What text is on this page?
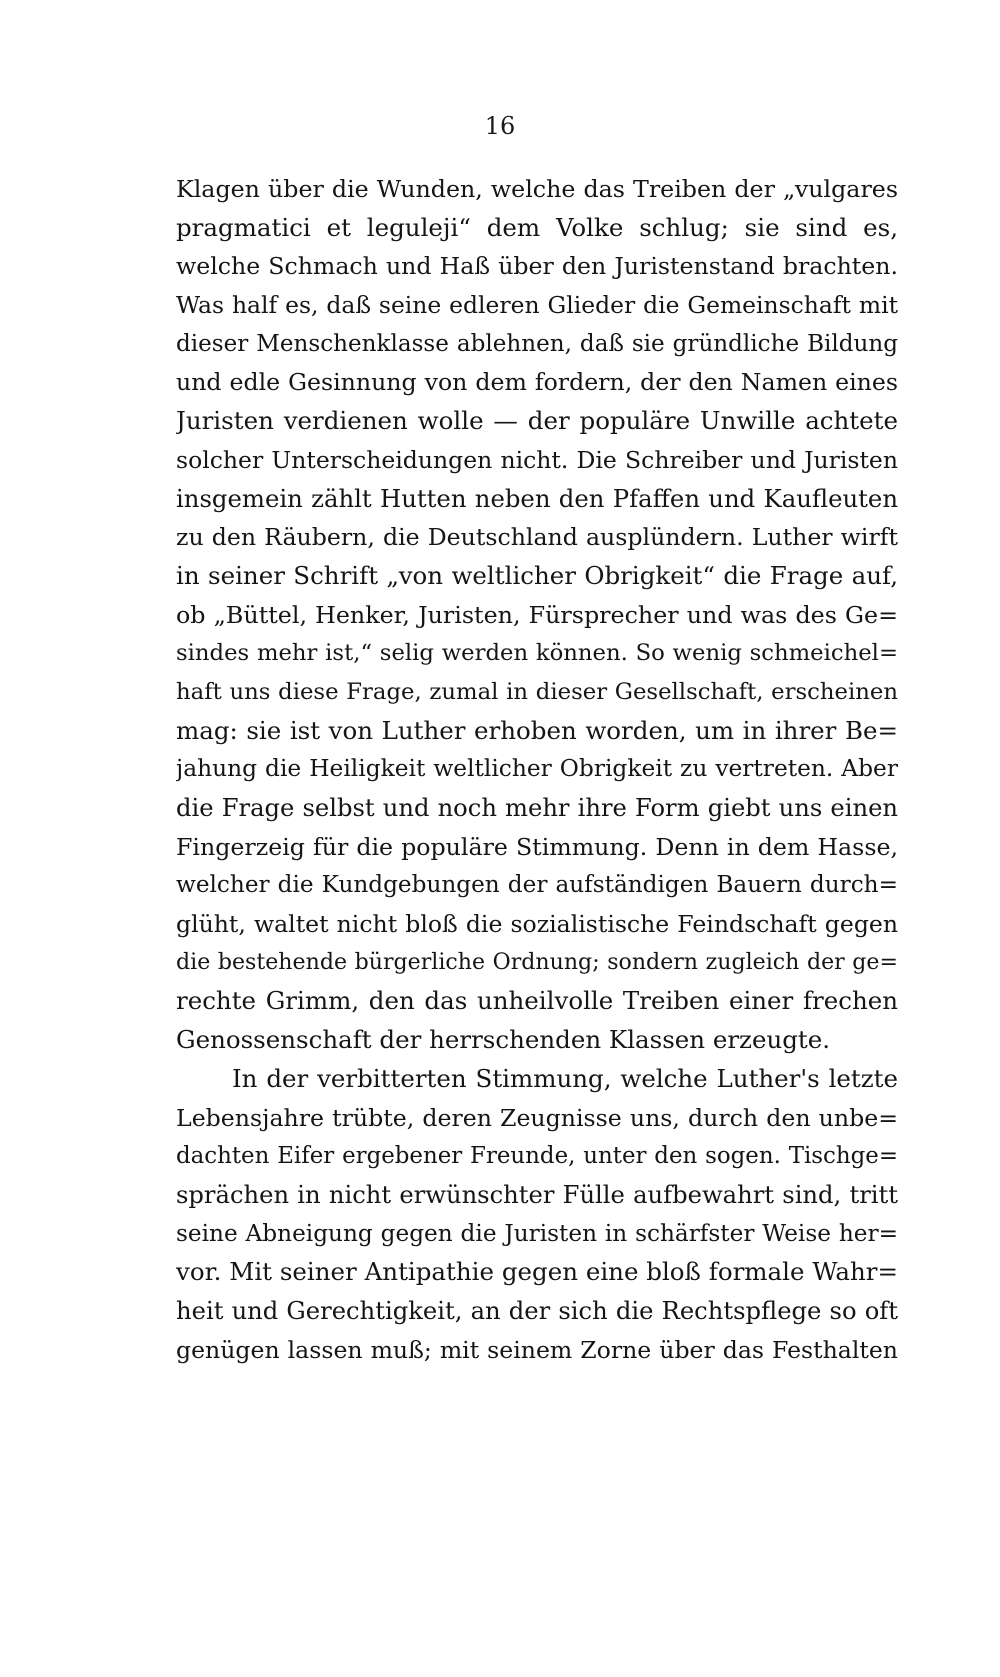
16
Klagen über die Wunden, welche das Treiben der „vulgares
pragmatici et leguleji“ dem Volke schlug; sie sind es,
welche Schmach und Haß über den Juristenstand brachten.
Was half es, daß seine edleren Glieder die Gemeinschaft mit
dieser Menschenklasse ablehnen, daß sie gründliche Bildung
und edle Gesinnung von dem fordern, der den Namen eines
Juristen verdienen wolle — der populäre Unwille achtete
solcher Unterscheidungen nicht. Die Schreiber und Juristen
insgemein zählt Hutten neben den Pfaffen und Kaufleuten
zu den Räubern, die Deutschland ausplündern. Luther wirft
in seiner Schrift „von weltlicher Obrigkeit“ die Frage auf,
ob „Büttel, Henker, Juristen, Fürsprecher und was des Ge=
sindes mehr ist,“ selig werden können. So wenig schmeichel=
haft uns diese Frage, zumal in dieser Gesellschaft, erscheinen
mag: sie ist von Luther erhoben worden, um in ihrer Be=
jahung die Heiligkeit weltlicher Obrigkeit zu vertreten. Aber
die Frage selbst und noch mehr ihre Form giebt uns einen
Fingerzeig für die populäre Stimmung. Denn in dem Hasse,
welcher die Kundgebungen der aufständigen Bauern durch=
glüht, waltet nicht bloß die sozialistische Feindschaft gegen
die bestehende bürgerliche Ordnung; sondern zugleich der ge=
rechte Grimm, den das unheilvolle Treiben einer frechen
Genossenschaft der herrschenden Klassen erzeugte.
In der verbitterten Stimmung, welche Luther's letzte
Lebensjahre trübte, deren Zeugnisse uns, durch den unbe=
dachten Eifer ergebener Freunde, unter den sogen. Tischge=
sprächen in nicht erwünschter Fülle aufbewahrt sind, tritt
seine Abneigung gegen die Juristen in schärfster Weise her=
vor. Mit seiner Antipathie gegen eine bloß formale Wahr=
heit und Gerechtigkeit, an der sich die Rechtspflege so oft
genügen lassen muß; mit seinem Zorne über das Festhalten
